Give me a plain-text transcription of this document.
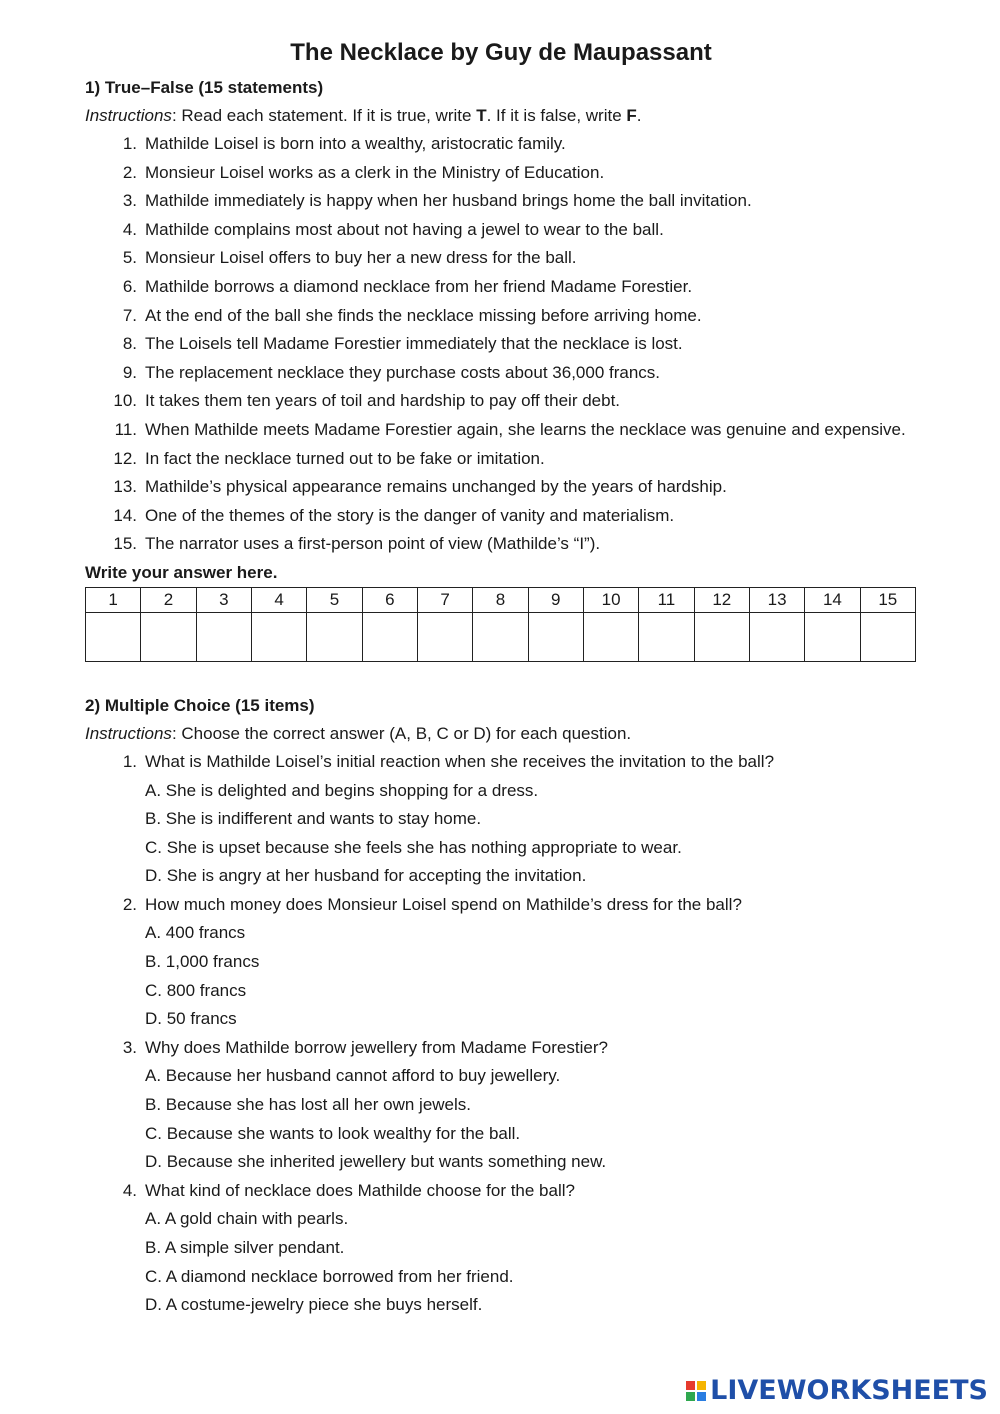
The Necklace by Guy de Maupassant

1) True–False (15 statements)

Instructions: Read each statement. If it is true, write T. If it is false, write F.

1. Mathilde Loisel is born into a wealthy, aristocratic family.
2. Monsieur Loisel works as a clerk in the Ministry of Education.
3. Mathilde immediately is happy when her husband brings home the ball invitation.
4. Mathilde complains most about not having a jewel to wear to the ball.
5. Monsieur Loisel offers to buy her a new dress for the ball.
6. Mathilde borrows a diamond necklace from her friend Madame Forestier.
7. At the end of the ball she finds the necklace missing before arriving home.
8. The Loisels tell Madame Forestier immediately that the necklace is lost.
9. The replacement necklace they purchase costs about 36,000 francs.
10. It takes them ten years of toil and hardship to pay off their debt.
11. When Mathilde meets Madame Forestier again, she learns the necklace was genuine and expensive.
12. In fact the necklace turned out to be fake or imitation.
13. Mathilde’s physical appearance remains unchanged by the years of hardship.
14. One of the themes of the story is the danger of vanity and materialism.
15. The narrator uses a first-person point of view (Mathilde’s “I”).

Write your answer here.

1	2	3	4	5	6	7	8	9	10	11	12	13	14	15

2) Multiple Choice (15 items)

Instructions: Choose the correct answer (A, B, C or D) for each question.

1. What is Mathilde Loisel’s initial reaction when she receives the invitation to the ball?
A. She is delighted and begins shopping for a dress.
B. She is indifferent and wants to stay home.
C. She is upset because she feels she has nothing appropriate to wear.
D. She is angry at her husband for accepting the invitation.
2. How much money does Monsieur Loisel spend on Mathilde’s dress for the ball?
A. 400 francs
B. 1,000 francs
C. 800 francs
D. 50 francs
3. Why does Mathilde borrow jewellery from Madame Forestier?
A. Because her husband cannot afford to buy jewellery.
B. Because she has lost all her own jewels.
C. Because she wants to look wealthy for the ball.
D. Because she inherited jewellery but wants something new.
4. What kind of necklace does Mathilde choose for the ball?
A. A gold chain with pearls.
B. A simple silver pendant.
C. A diamond necklace borrowed from her friend.
D. A costume-jewelry piece she buys herself.
LIVEWORKSHEETS
